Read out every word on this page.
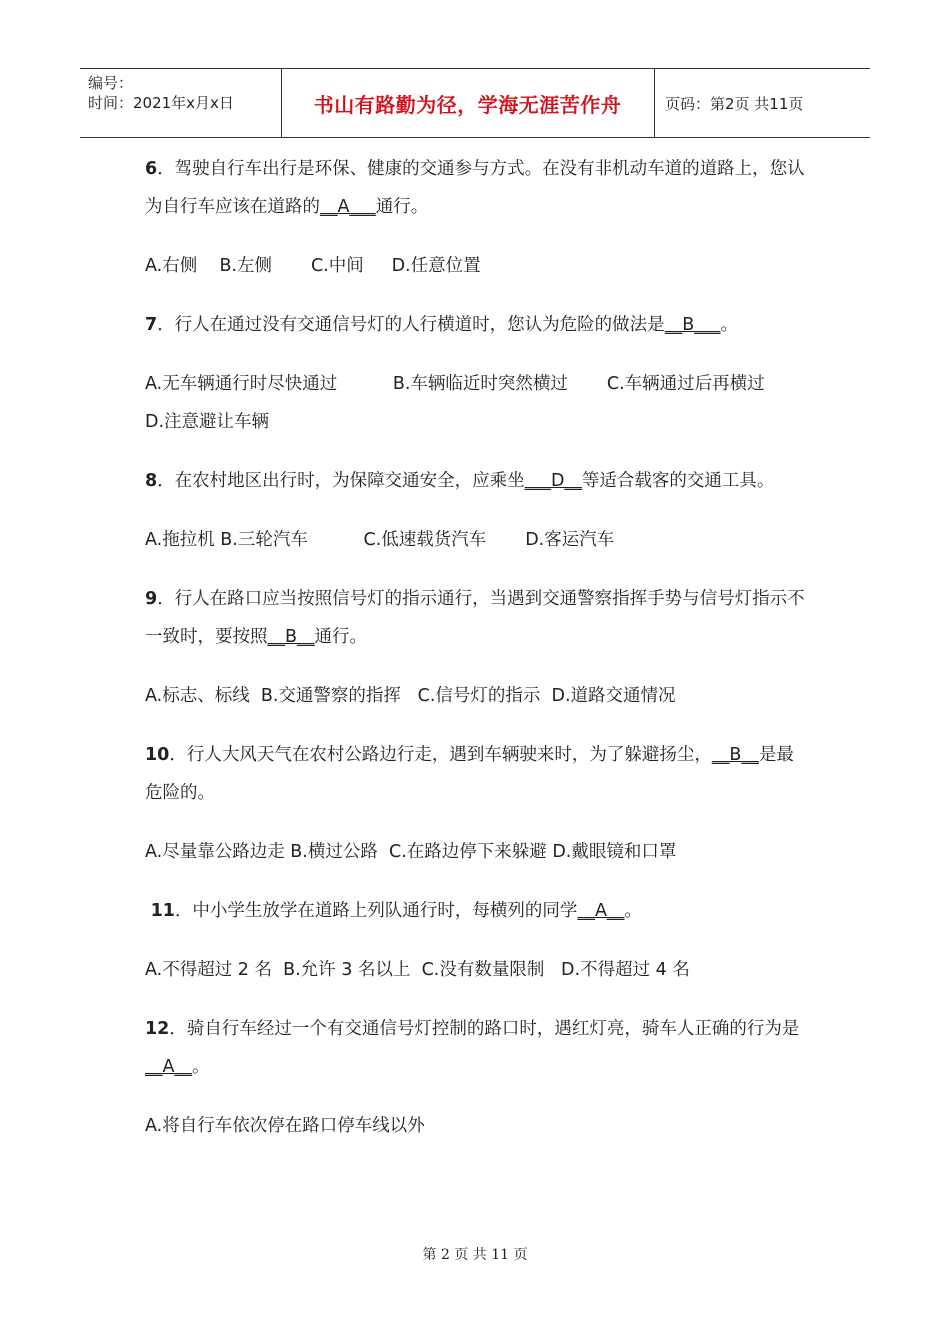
编号：
时间：2021年x月x日	书山有路勤为径，学海无涯苦作舟	页码：第2页 共11页

6．驾驶自行车出行是环保、健康的交通参与方式。在没有非机动车道的道路上，您认为自行车应该在道路的__A___通行。

A.右侧    B.左侧       C.中间     D.任意位置

7．行人在通过没有交通信号灯的人行横道时，您认为危险的做法是__B___。

A.无车辆通行时尽快通过          B.车辆临近时突然横过       C.车辆通过后再横过              D.注意避让车辆

8．在农村地区出行时，为保障交通安全，应乘坐___D__等适合载客的交通工具。

A.拖拉机 B.三轮汽车          C.低速载货汽车       D.客运汽车

9．行人在路口应当按照信号灯的指示通行，当遇到交通警察指挥手势与信号灯指示不一致时，要按照__B__通行。

A.标志、标线  B.交通警察的指挥   C.信号灯的指示  D.道路交通情况

10．行人大风天气在农村公路边行走，遇到车辆驶来时，为了躲避扬尘，__B__是最危险的。

A.尽量靠公路边走 B.横过公路  C.在路边停下来躲避 D.戴眼镜和口罩

11．中小学生放学在道路上列队通行时，每横列的同学__A__。

A.不得超过 2 名  B.允许 3 名以上  C.没有数量限制   D.不得超过 4 名

12．骑自行车经过一个有交通信号灯控制的路口时，遇红灯亮，骑车人正确的行为是__A__。

A.将自行车依次停在路口停车线以外

第 2 页 共 11 页
